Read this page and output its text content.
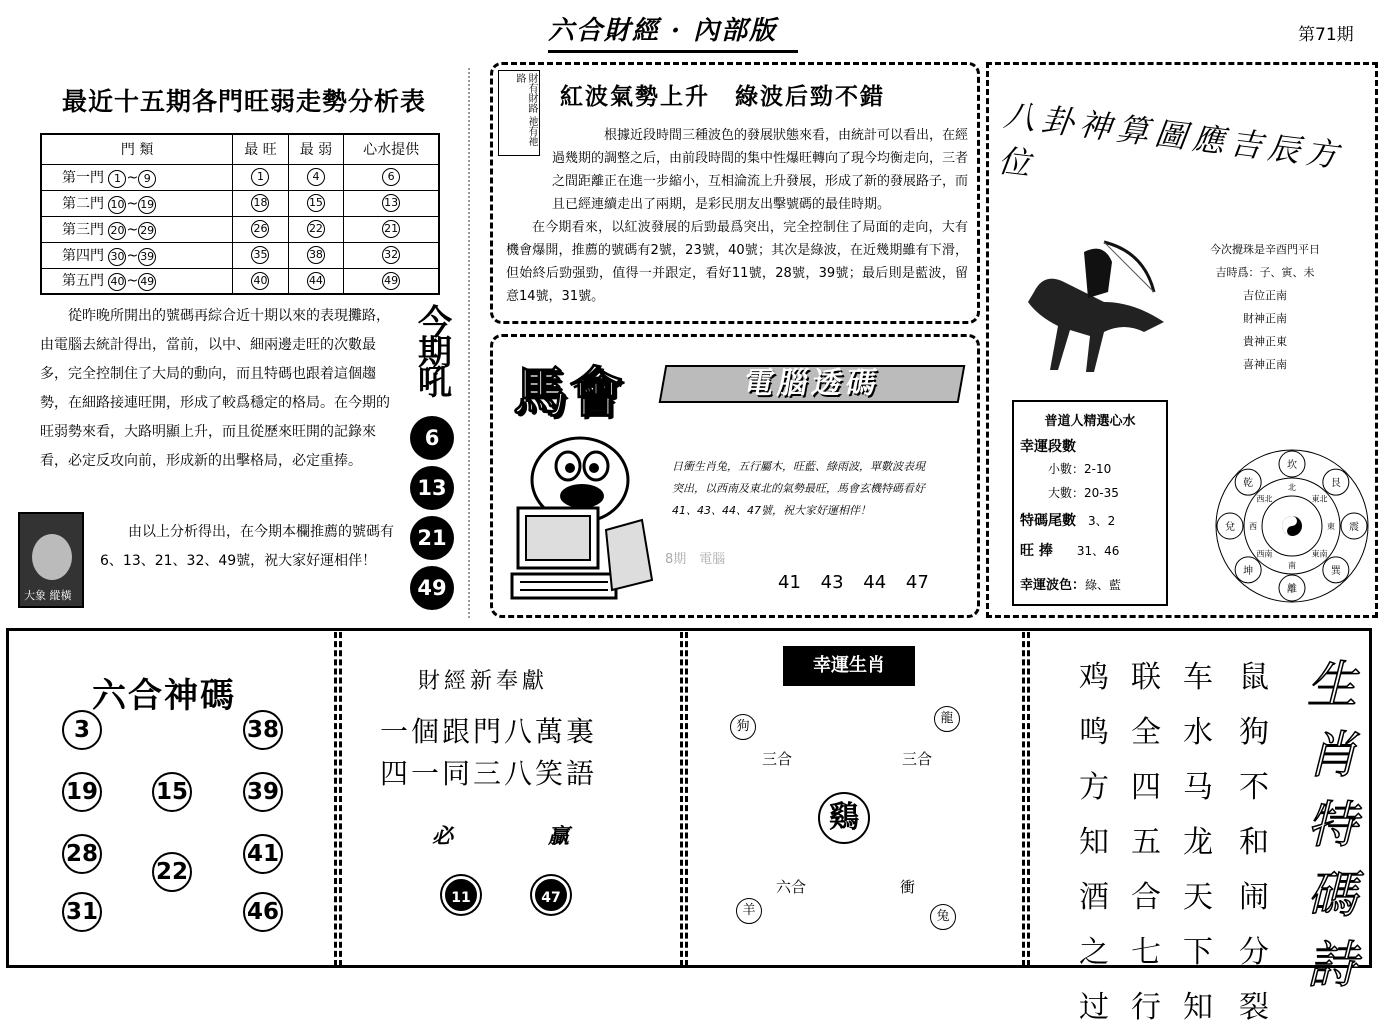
六合財經 · 內部版	第71期
最近十五期各門旺弱走勢分析表
門 類	最 旺	最 弱	心水提供
第一門 1 ~ 9	1	4	6
第二門 10 ~ 19	18	15	13
第三門 20 ~ 29	26	22	21
第四門 30 ~ 39	35	38	32
第五門 40 ~ 49	40	44	49
從昨晚所開出的號碼再綜合近十期以來的表現攤路，由電腦去統計得出，當前，以中、細兩邊走旺的次數最多，完全控制住了大局的動向，而且特碼也跟着這個趨勢，在細路接連旺開，形成了較爲穩定的格局。在今期的旺弱勢來看，大路明顯上升，而且從歷來旺開的記錄來看，必定反攻向前，形成新的出擊格局，必定重捧。
大象 縱橫
由以上分析得出，在今期本欄推薦的號碼有6、13、21、32、49號，祝大家好運相伴！
今
期
吼
6
13
21
49
財有財路 祂有祂路
紅波氣勢上升　綠波后勁不錯

根據近段時間三種波色的發展狀態來看，由統計可以看出，在經過幾期的調整之后，由前段時間的集中性爆旺轉向了現今均衡走向，三者之間距離正在進一步縮小，互相淪流上升發展，形成了新的發展路子，而且已經連續走出了兩期，是彩民朋友出擊號碼的最佳時期。

在今期看來，以紅波發展的后勁最爲突出，完全控制住了局面的走向，大有機會爆開，推薦的號碼有2號，23號，40號；其次是綠波，在近幾期雖有下滑，但始終后勁强勁，值得一并跟定，看好11號，28號，39號；最后則是藍波，留意14號，31號。

馬會	電腦透碼
日衝生肖兔，五行屬木，旺藍、綠雨波，單數波表現突出，以西南及東北的氣勢最旺，馬會玄機特碼看好41、43、44、47號，祝大家好運相伴！
8期　電腦
41 43 44 47
八卦神算圖應吉辰方位
今次攪珠是辛酉門平日
吉時爲：子、寅、未
吉位正南
財神正南
貴神正東
喜神正南
普道人精選心水
幸運段數
小數：2-10
大數：20-35
特碼尾數　 3、2
旺 捧　　 31、46
幸運波色：綠、藍
坎
艮
震
巽
離
坤
兌
乾	北
東北
東
東南
南
西南
西
西北
六合神碼
3	38
19	15	39
28
22
41
31	46
財經新奉獻
一個跟門八萬裏
四一同三八笑語
必	贏
11	47
幸運生肖
狗
龍
三合	三合
鷄
六合	衝
羊	兔
鼠
狗
不
和
闹
分
裂
车
水
马
龙
天
下
知
联
全
四
五
合
七
行
鸡
鸣
方
知
酒
之
过
生
肖
特
碼
詩
